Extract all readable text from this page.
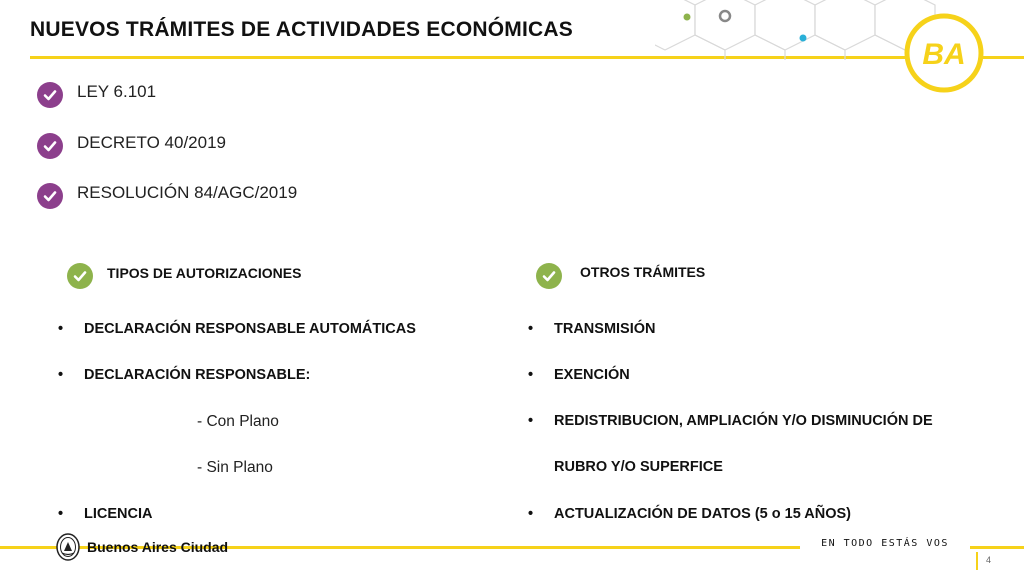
NUEVOS TRÁMITES DE ACTIVIDADES ECONÓMICAS
BA
LEY 6.101
DECRETO 40/2019
RESOLUCIÓN 84/AGC/2019
TIPOS DE AUTORIZACIONES
• DECLARACIÓN RESPONSABLE AUTOMÁTICAS
• DECLARACIÓN RESPONSABLE:
- Con Plano
- Sin Plano
• LICENCIA
OTROS TRÁMITES
• TRANSMISIÓN
• EXENCIÓN
• REDISTRIBUCION, AMPLIACIÓN Y/O DISMINUCIÓN DE
RUBRO Y/O SUPERFICE
• ACTUALIZACIÓN DE DATOS (5 o 15 AÑOS)
Buenos Aires Ciudad	EN TODO ESTÁS VOS
4
